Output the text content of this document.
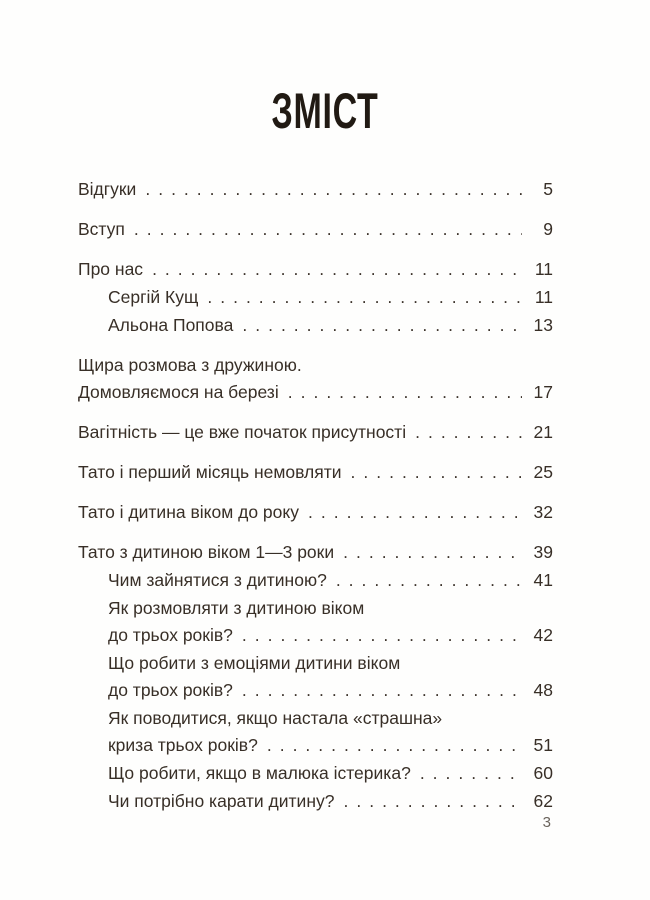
ЗМІСТ
Відгуки .....	5
Вступ .....	9
Про нас .....	11
Сергій Кущ .....	11
Альона Попова .....	13
Щира розмова з дружиною.
Домовляємося на березі .....	17
Вагітність — це вже початок присутності .....	21
Тато і перший місяць немовляти .....	25
Тато і дитина віком до року .....	32
Тато з дитиною віком 1—3 роки .....	39
Чим зайнятися з дитиною? .....	41
Як розмовляти з дитиною віком
до трьох років? .....	42
Що робити з емоціями дитини віком
до трьох років? .....	48
Як поводитися, якщо настала «страшна»
криза трьох років? .....	51
Що робити, якщо в малюка істерика? .....	60
Чи потрібно карати дитину? .....	62
3
